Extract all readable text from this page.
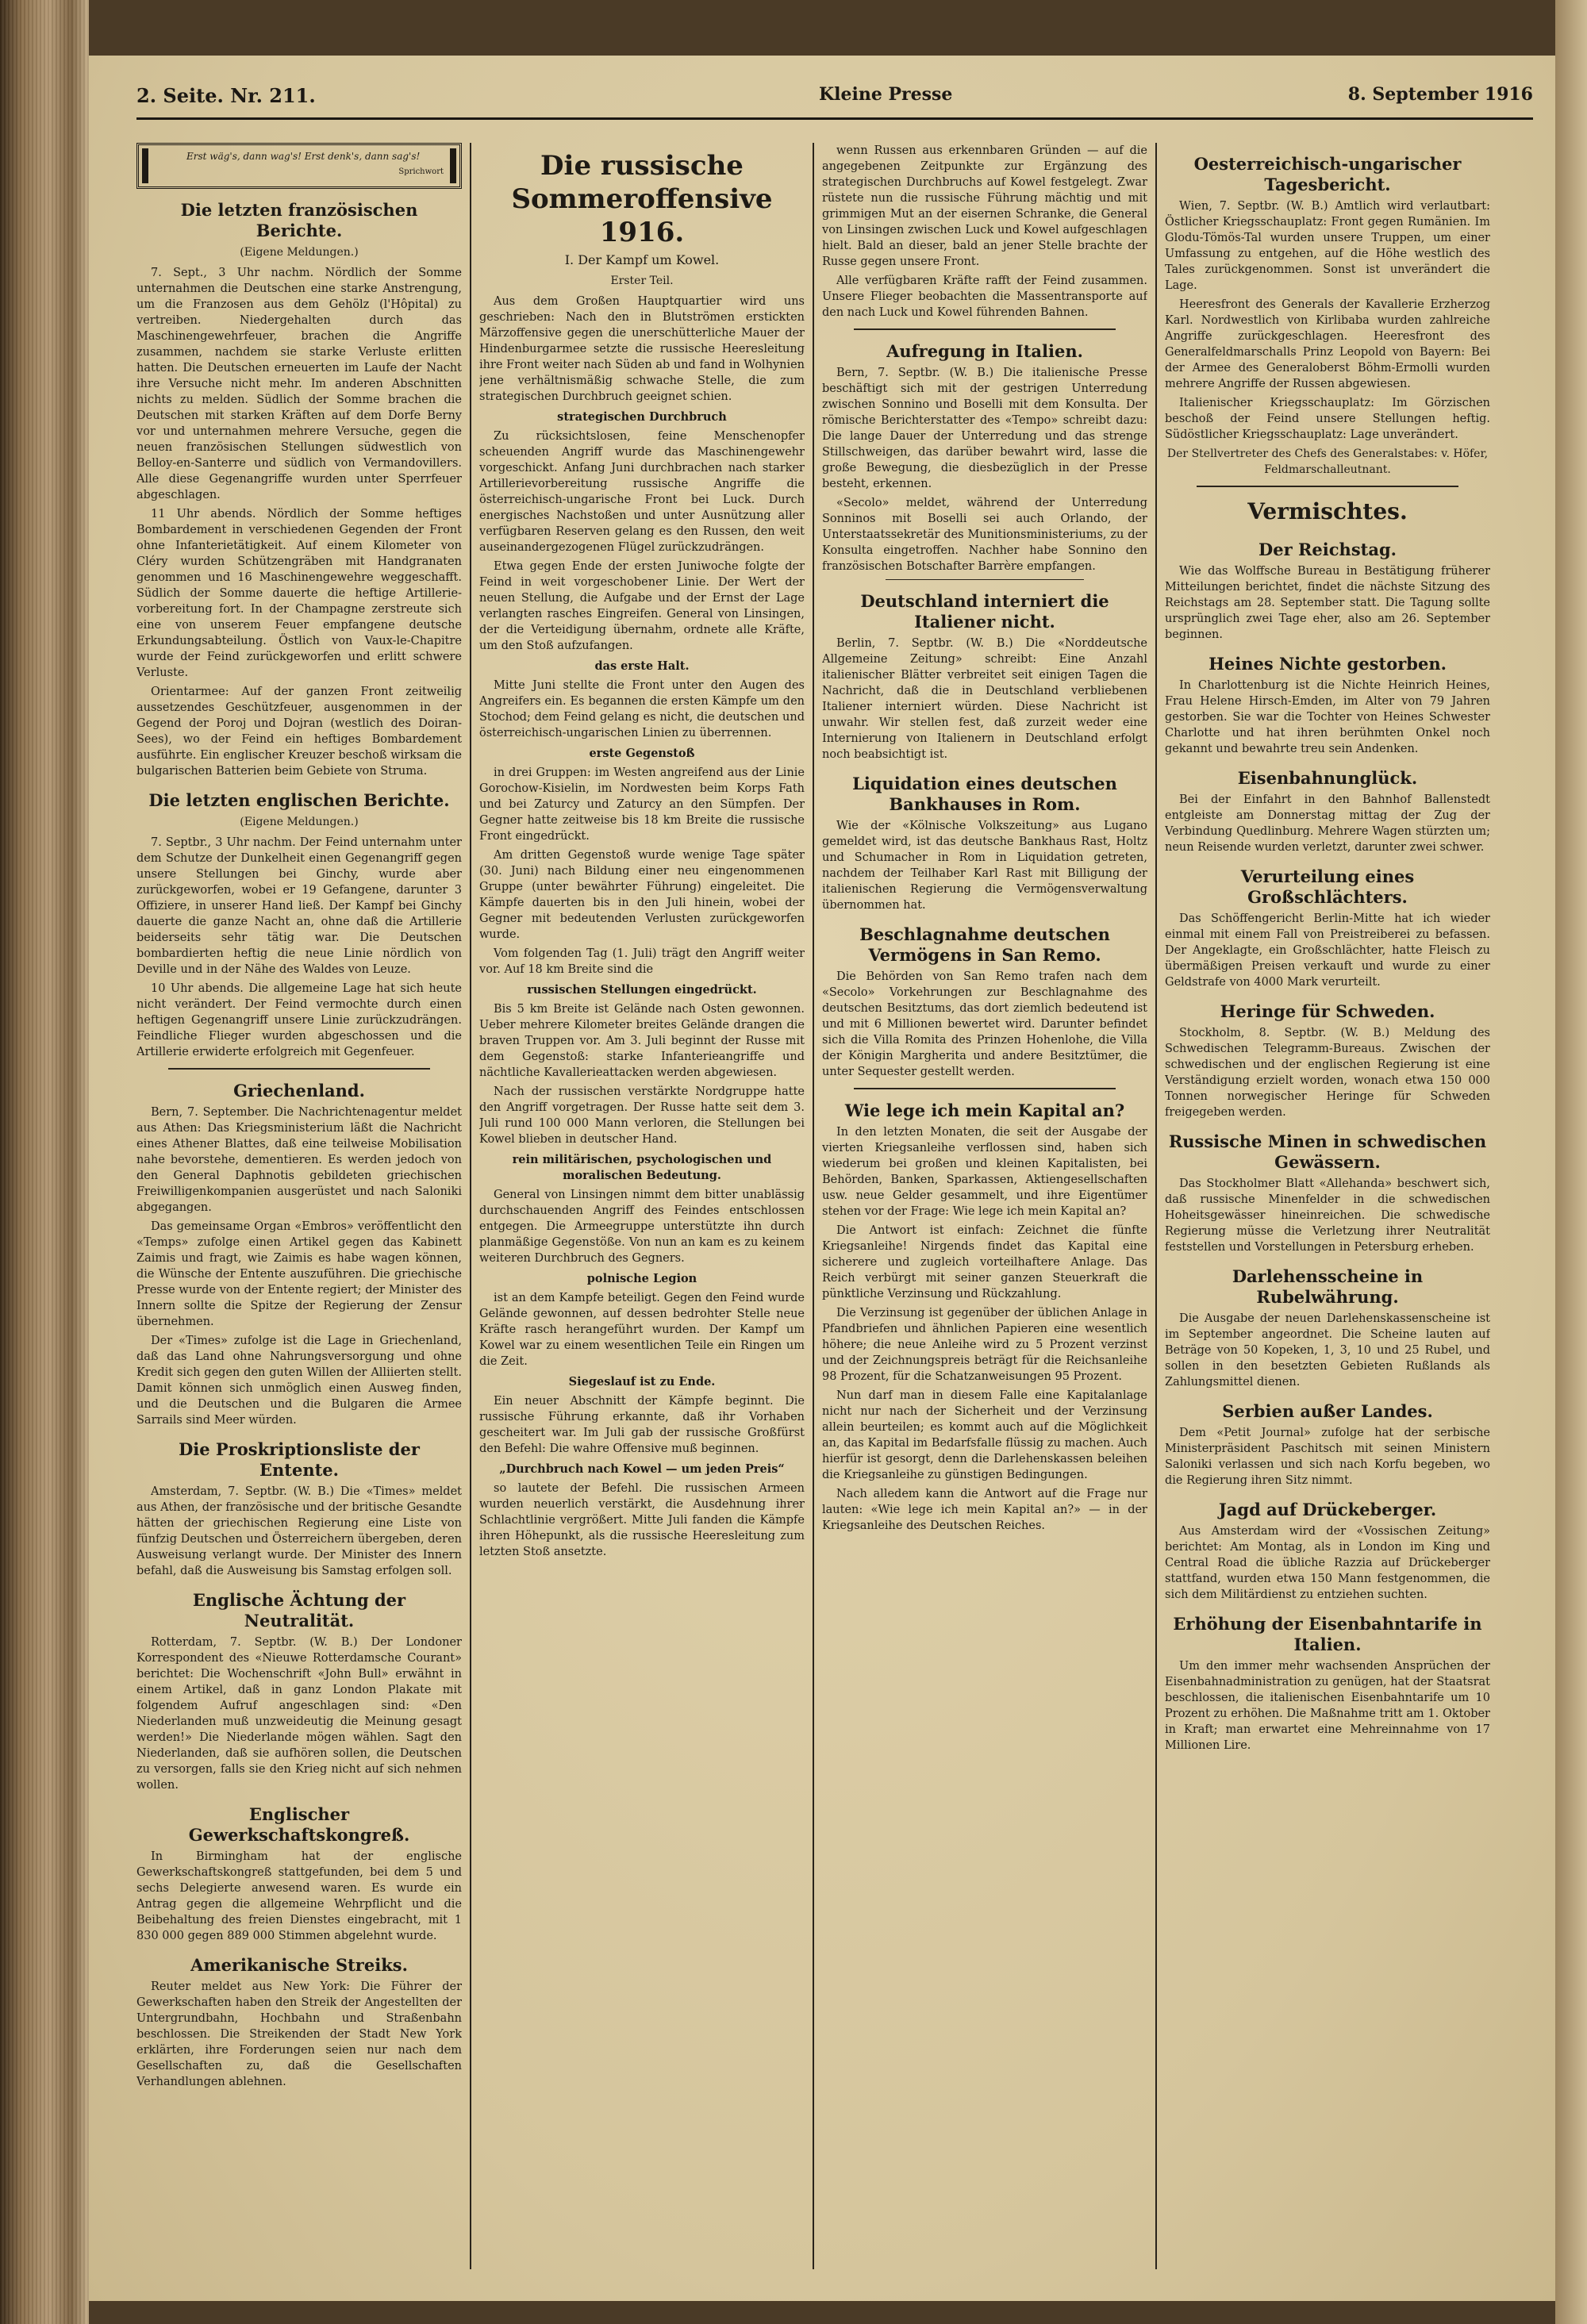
2. Seite. Nr. 211.	Kleine Presse	8. September 1916
Erst wäg's, dann wag's! Erst denk's, dann sag's!
Sprichwort
Die letzten französischen Berichte.
(Eigene Meldungen.)

7. Sept., 3 Uhr nachm. Nördlich der Somme unternahmen die Deutschen eine starke Anstrengung, um die Franzosen aus dem Gehölz (l'Hôpital) zu vertreiben. Niedergehalten durch das Maschinengewehrfeuer, brachen die Angriffe zusammen, nachdem sie starke Verluste erlitten hatten. Die Deutschen erneuerten im Laufe der Nacht ihre Versuche nicht mehr. Im anderen Abschnitten nichts zu melden. Südlich der Somme brachen die Deutschen mit starken Kräften auf dem Dorfe Berny vor und unternahmen mehrere Versuche, gegen die neuen französischen Stellungen südwestlich von Belloy-en-Santerre und südlich von Vermandovillers. Alle diese Gegenangriffe wurden unter Sperrfeuer abgeschlagen.

11 Uhr abends. Nördlich der Somme heftiges Bombardement in verschiedenen Gegenden der Front ohne Infanterietätigkeit. Auf einem Kilometer von Cléry wurden Schützengräben mit Handgranaten genommen und 16 Maschinengewehre weggeschafft. Südlich der Somme dauerte die heftige Artillerie-vorbereitung fort. In der Champagne zerstreute sich eine von unserem Feuer empfangene deutsche Erkundungsabteilung. Östlich von Vaux-le-Chapitre wurde der Feind zurückgeworfen und erlitt schwere Verluste.

Orientarmee: Auf der ganzen Front zeitweilig aussetzendes Geschützfeuer, ausgenommen in der Gegend der Poroj und Dojran (westlich des Doiran-Sees), wo der Feind ein heftiges Bombardement ausführte. Ein englischer Kreuzer beschoß wirksam die bulgarischen Batterien beim Gebiete von Struma.

Die letzten englischen Berichte.
(Eigene Meldungen.)

7. Septbr., 3 Uhr nachm. Der Feind unternahm unter dem Schutze der Dunkelheit einen Gegenangriff gegen unsere Stellungen bei Ginchy, wurde aber zurückgeworfen, wobei er 19 Gefangene, darunter 3 Offiziere, in unserer Hand ließ. Der Kampf bei Ginchy dauerte die ganze Nacht an, ohne daß die Artillerie beiderseits sehr tätig war. Die Deutschen bombardierten heftig die neue Linie nördlich von Deville und in der Nähe des Waldes von Leuze.

10 Uhr abends. Die allgemeine Lage hat sich heute nicht verändert. Der Feind vermochte durch einen heftigen Gegenangriff unsere Linie zurückzudrängen. Feindliche Flieger wurden abgeschossen und die Artillerie erwiderte erfolgreich mit Gegenfeuer.

Griechenland.

Bern, 7. September. Die Nachrichtenagentur meldet aus Athen: Das Kriegsministerium läßt die Nachricht eines Athener Blattes, daß eine teilweise Mobilisation nahe bevorstehe, dementieren. Es werden jedoch von den General Daphnotis gebildeten griechischen Freiwilligenkompanien ausgerüstet und nach Saloniki abgegangen.

Das gemeinsame Organ «Embros» veröffentlicht den «Temps» zufolge einen Artikel gegen das Kabinett Zaimis und fragt, wie Zaimis es habe wagen können, die Wünsche der Entente auszuführen. Die griechische Presse wurde von der Entente regiert; der Minister des Innern sollte die Spitze der Regierung der Zensur übernehmen.

Der «Times» zufolge ist die Lage in Griechenland, daß das Land ohne Nahrungsversorgung und ohne Kredit sich gegen den guten Willen der Alliierten stellt. Damit können sich unmöglich einen Ausweg finden, und die Deutschen und die Bulgaren die Armee Sarrails sind Meer würden.

Die Proskriptionsliste der Entente.

Amsterdam, 7. Septbr. (W. B.) Die «Times» meldet aus Athen, der französische und der britische Gesandte hätten der griechischen Regierung eine Liste von fünfzig Deutschen und Österreichern übergeben, deren Ausweisung verlangt wurde. Der Minister des Innern befahl, daß die Ausweisung bis Samstag erfolgen soll.

Englische Ächtung der Neutralität.

Rotterdam, 7. Septbr. (W. B.) Der Londoner Korrespondent des «Nieuwe Rotterdamsche Courant» berichtet: Die Wochenschrift «John Bull» erwähnt in einem Artikel, daß in ganz London Plakate mit folgendem Aufruf angeschlagen sind: «Den Niederlanden muß unzweideutig die Meinung gesagt werden!» Die Niederlande mögen wählen. Sagt den Niederlanden, daß sie aufhören sollen, die Deutschen zu versorgen, falls sie den Krieg nicht auf sich nehmen wollen.

Englischer Gewerkschaftskongreß.

In Birmingham hat der englische Gewerkschaftskongreß stattgefunden, bei dem 5 und sechs Delegierte anwesend waren. Es wurde ein Antrag gegen die allgemeine Wehrpflicht und die Beibehaltung des freien Dienstes eingebracht, mit 1 830 000 gegen 889 000 Stimmen abgelehnt wurde.

Amerikanische Streiks.

Reuter meldet aus New York: Die Führer der Gewerkschaften haben den Streik der Angestellten der Untergrundbahn, Hochbahn und Straßenbahn beschlossen. Die Streikenden der Stadt New York erklärten, ihre Forderungen seien nur nach dem Gesellschaften zu, daß die Gesellschaften Verhandlungen ablehnen.

Die russische Sommeroffensive 1916.
I. Der Kampf um Kowel.
Erster Teil.

Aus dem Großen Hauptquartier wird uns geschrieben: Nach den in Blutströmen erstickten Märzoffensive gegen die unerschütterliche Mauer der Hindenburgarmee setzte die russische Heeresleitung ihre Front weiter nach Süden ab und fand in Wolhynien jene verhältnismäßig schwache Stelle, die zum strategischen Durchbruch geeignet schien.

strategischen Durchbruch

Zu rücksichtslosen, feine Menschenopfer scheuenden Angriff wurde das Maschinengewehr vorgeschickt. Anfang Juni durchbrachen nach starker Artillerievorbereitung russische Angriffe die österreichisch-ungarische Front bei Luck. Durch energisches Nachstoßen und unter Ausnützung aller verfügbaren Reserven gelang es den Russen, den weit auseinandergezogenen Flügel zurückzudrängen.

Etwa gegen Ende der ersten Juniwoche folgte der Feind in weit vorgeschobener Linie. Der Wert der neuen Stellung, die Aufgabe und der Ernst der Lage verlangten rasches Eingreifen. General von Linsingen, der die Verteidigung übernahm, ordnete alle Kräfte, um den Stoß aufzufangen.

das erste Halt.

Mitte Juni stellte die Front unter den Augen des Angreifers ein. Es begannen die ersten Kämpfe um den Stochod; dem Feind gelang es nicht, die deutschen und österreichisch-ungarischen Linien zu überrennen.

erste Gegenstoß

in drei Gruppen: im Westen angreifend aus der Linie Gorochow-Kisielin, im Nordwesten beim Korps Fath und bei Zaturcy und Zaturcy an den Sümpfen. Der Gegner hatte zeitweise bis 18 km Breite die russische Front eingedrückt.

Am dritten Gegenstoß wurde wenige Tage später (30. Juni) nach Bildung einer neu eingenommenen Gruppe (unter bewährter Führung) eingeleitet. Die Kämpfe dauerten bis in den Juli hinein, wobei der Gegner mit bedeutenden Verlusten zurückgeworfen wurde.

Vom folgenden Tag (1. Juli) trägt den Angriff weiter vor. Auf 18 km Breite sind die

russischen Stellungen eingedrückt.

Bis 5 km Breite ist Gelände nach Osten gewonnen. Ueber mehrere Kilometer breites Gelände drangen die braven Truppen vor. Am 3. Juli beginnt der Russe mit dem Gegenstoß: starke Infanterieangriffe und nächtliche Kavallerieattacken werden abgewiesen.

Nach der russischen verstärkte Nordgruppe hatte den Angriff vorgetragen. Der Russe hatte seit dem 3. Juli rund 100 000 Mann verloren, die Stellungen bei Kowel blieben in deutscher Hand.

rein militärischen, psychologischen und moralischen Bedeutung.

General von Linsingen nimmt dem bitter unablässig durchschauenden Angriff des Feindes entschlossen entgegen. Die Armeegruppe unterstützte ihn durch planmäßige Gegenstöße. Von nun an kam es zu keinem weiteren Durchbruch des Gegners.

polnische Legion

ist an dem Kampfe beteiligt. Gegen den Feind wurde Gelände gewonnen, auf dessen bedrohter Stelle neue Kräfte rasch herangeführt wurden. Der Kampf um Kowel war zu einem wesentlichen Teile ein Ringen um die Zeit.

Siegeslauf ist zu Ende.

Ein neuer Abschnitt der Kämpfe beginnt. Die russische Führung erkannte, daß ihr Vorhaben gescheitert war. Im Juli gab der russische Großfürst den Befehl: Die wahre Offensive muß beginnen.

„Durchbruch nach Kowel — um jeden Preis“

so lautete der Befehl. Die russischen Armeen wurden neuerlich verstärkt, die Ausdehnung ihrer Schlachtlinie vergrößert. Mitte Juli fanden die Kämpfe ihren Höhepunkt, als die russische Heeresleitung zum letzten Stoß ansetzte.

wenn Russen aus erkennbaren Gründen — auf die angegebenen Zeitpunkte zur Ergänzung des strategischen Durchbruchs auf Kowel festgelegt. Zwar rüstete nun die russische Führung mächtig und mit grimmigen Mut an der eisernen Schranke, die General von Linsingen zwischen Luck und Kowel aufgeschlagen hielt. Bald an dieser, bald an jener Stelle brachte der Russe gegen unsere Front.

Alle verfügbaren Kräfte rafft der Feind zusammen. Unsere Flieger beobachten die Massentransporte auf den nach Luck und Kowel führenden Bahnen.

Aufregung in Italien.

Bern, 7. Septbr. (W. B.) Die italienische Presse beschäftigt sich mit der gestrigen Unterredung zwischen Sonnino und Boselli mit dem Konsulta. Der römische Berichterstatter des «Tempo» schreibt dazu: Die lange Dauer der Unterredung und das strenge Stillschweigen, das darüber bewahrt wird, lasse die große Bewegung, die diesbezüglich in der Presse besteht, erkennen.

«Secolo» meldet, während der Unterredung Sonninos mit Boselli sei auch Orlando, der Unterstaatssekretär des Munitionsministeriums, zu der Konsulta eingetroffen. Nachher habe Sonnino den französischen Botschafter Barrère empfangen.

Deutschland interniert die Italiener nicht.

Berlin, 7. Septbr. (W. B.) Die «Norddeutsche Allgemeine Zeitung» schreibt: Eine Anzahl italienischer Blätter verbreitet seit einigen Tagen die Nachricht, daß die in Deutschland verbliebenen Italiener interniert würden. Diese Nachricht ist unwahr. Wir stellen fest, daß zurzeit weder eine Internierung von Italienern in Deutschland erfolgt noch beabsichtigt ist.

Liquidation eines deutschen Bankhauses in Rom.

Wie der «Kölnische Volkszeitung» aus Lugano gemeldet wird, ist das deutsche Bankhaus Rast, Holtz und Schumacher in Rom in Liquidation getreten, nachdem der Teilhaber Karl Rast mit Billigung der italienischen Regierung die Vermögensverwaltung übernommen hat.

Beschlagnahme deutschen Vermögens in San Remo.

Die Behörden von San Remo trafen nach dem «Secolo» Vorkehrungen zur Beschlagnahme des deutschen Besitztums, das dort ziemlich bedeutend ist und mit 6 Millionen bewertet wird. Darunter befindet sich die Villa Romita des Prinzen Hohenlohe, die Villa der Königin Margherita und andere Besitztümer, die unter Sequester gestellt werden.

Wie lege ich mein Kapital an?

In den letzten Monaten, die seit der Ausgabe der vierten Kriegsanleihe verflossen sind, haben sich wiederum bei großen und kleinen Kapitalisten, bei Behörden, Banken, Sparkassen, Aktiengesellschaften usw. neue Gelder gesammelt, und ihre Eigentümer stehen vor der Frage: Wie lege ich mein Kapital an?

Die Antwort ist einfach: Zeichnet die fünfte Kriegsanleihe! Nirgends findet das Kapital eine sicherere und zugleich vorteilhaftere Anlage. Das Reich verbürgt mit seiner ganzen Steuerkraft die pünktliche Verzinsung und Rückzahlung.

Die Verzinsung ist gegenüber der üblichen Anlage in Pfandbriefen und ähnlichen Papieren eine wesentlich höhere; die neue Anleihe wird zu 5 Prozent verzinst und der Zeichnungspreis beträgt für die Reichsanleihe 98 Prozent, für die Schatzanweisungen 95 Prozent.

Nun darf man in diesem Falle eine Kapitalanlage nicht nur nach der Sicherheit und der Verzinsung allein beurteilen; es kommt auch auf die Möglichkeit an, das Kapital im Bedarfsfalle flüssig zu machen. Auch hierfür ist gesorgt, denn die Darlehenskassen beleihen die Kriegsanleihe zu günstigen Bedingungen.

Nach alledem kann die Antwort auf die Frage nur lauten: «Wie lege ich mein Kapital an?» — in der Kriegsanleihe des Deutschen Reiches.

Oesterreichisch-ungarischer Tagesbericht.

Wien, 7. Septbr. (W. B.) Amtlich wird verlautbart: Östlicher Kriegsschauplatz: Front gegen Rumänien. Im Glodu-Tömös-Tal wurden unsere Truppen, um einer Umfassung zu entgehen, auf die Höhe westlich des Tales zurückgenommen. Sonst ist unverändert die Lage.

Heeresfront des Generals der Kavallerie Erzherzog Karl. Nordwestlich von Kirlibaba wurden zahlreiche Angriffe zurückgeschlagen. Heeresfront des Generalfeldmarschalls Prinz Leopold von Bayern: Bei der Armee des Generaloberst Böhm-Ermolli wurden mehrere Angriffe der Russen abgewiesen.

Italienischer Kriegsschauplatz: Im Görzischen beschoß der Feind unsere Stellungen heftig. Südöstlicher Kriegsschauplatz: Lage unverändert.

Der Stellvertreter des Chefs des Generalstabes: v. Höfer, Feldmarschalleutnant.
Vermischtes.
Der Reichstag.

Wie das Wolffsche Bureau in Bestätigung früherer Mitteilungen berichtet, findet die nächste Sitzung des Reichstags am 28. September statt. Die Tagung sollte ursprünglich zwei Tage eher, also am 26. September beginnen.

Heines Nichte gestorben.

In Charlottenburg ist die Nichte Heinrich Heines, Frau Helene Hirsch-Emden, im Alter von 79 Jahren gestorben. Sie war die Tochter von Heines Schwester Charlotte und hat ihren berühmten Onkel noch gekannt und bewahrte treu sein Andenken.

Eisenbahnunglück.

Bei der Einfahrt in den Bahnhof Ballenstedt entgleiste am Donnerstag mittag der Zug der Verbindung Quedlinburg. Mehrere Wagen stürzten um; neun Reisende wurden verletzt, darunter zwei schwer.

Verurteilung eines Großschlächters.

Das Schöffengericht Berlin-Mitte hat ich wieder einmal mit einem Fall von Preistreiberei zu befassen. Der Angeklagte, ein Großschlächter, hatte Fleisch zu übermäßigen Preisen verkauft und wurde zu einer Geldstrafe von 4000 Mark verurteilt.

Heringe für Schweden.

Stockholm, 8. Septbr. (W. B.) Meldung des Schwedischen Telegramm-Bureaus. Zwischen der schwedischen und der englischen Regierung ist eine Verständigung erzielt worden, wonach etwa 150 000 Tonnen norwegischer Heringe für Schweden freigegeben werden.

Russische Minen in schwedischen Gewässern.

Das Stockholmer Blatt «Allehanda» beschwert sich, daß russische Minenfelder in die schwedischen Hoheitsgewässer hineinreichen. Die schwedische Regierung müsse die Verletzung ihrer Neutralität feststellen und Vorstellungen in Petersburg erheben.

Darlehensscheine in Rubelwährung.

Die Ausgabe der neuen Darlehenskassenscheine ist im September angeordnet. Die Scheine lauten auf Beträge von 50 Kopeken, 1, 3, 10 und 25 Rubel, und sollen in den besetzten Gebieten Rußlands als Zahlungsmittel dienen.

Serbien außer Landes.

Dem «Petit Journal» zufolge hat der serbische Ministerpräsident Paschitsch mit seinen Ministern Saloniki verlassen und sich nach Korfu begeben, wo die Regierung ihren Sitz nimmt.

Jagd auf Drückeberger.

Aus Amsterdam wird der «Vossischen Zeitung» berichtet: Am Montag, als in London im King und Central Road die übliche Razzia auf Drückeberger stattfand, wurden etwa 150 Mann festgenommen, die sich dem Militärdienst zu entziehen suchten.

Erhöhung der Eisenbahntarife in Italien.

Um den immer mehr wachsenden Ansprüchen der Eisenbahnadministration zu genügen, hat der Staatsrat beschlossen, die italienischen Eisenbahntarife um 10 Prozent zu erhöhen. Die Maßnahme tritt am 1. Oktober in Kraft; man erwartet eine Mehreinnahme von 17 Millionen Lire.
